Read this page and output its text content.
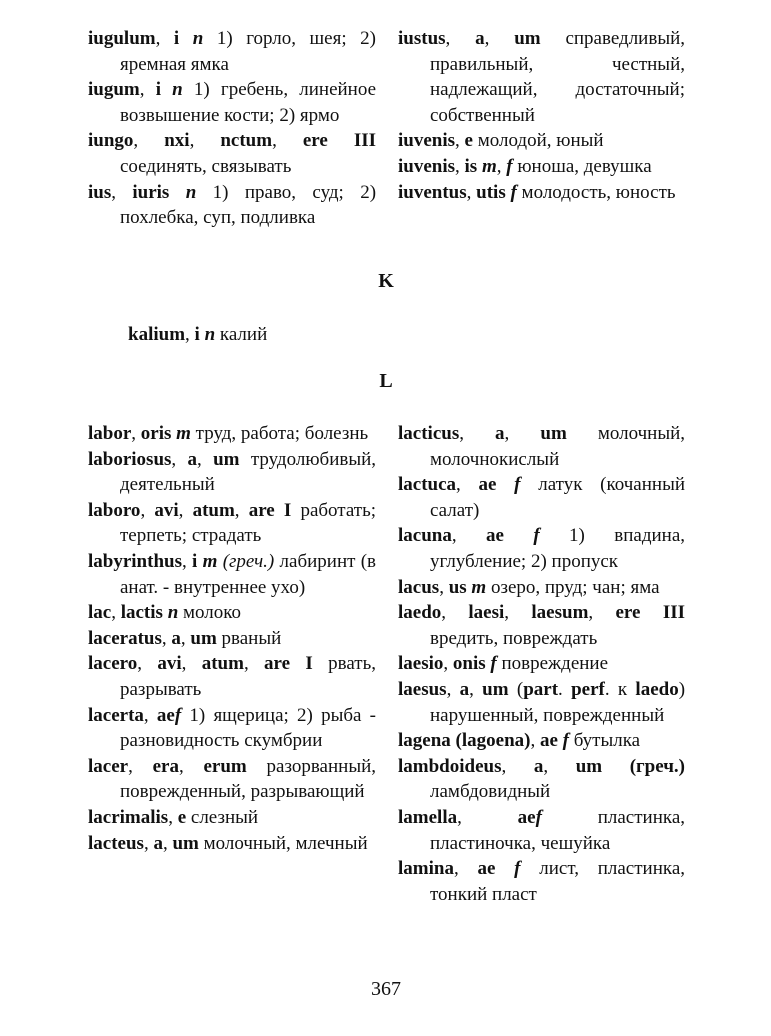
iugulum, i n 1) горло, шея; 2) яремная ямка
iugum, i n 1) гребень, линейное возвышение кости; 2) ярмо
iungo, nxi, nctum, ere III соединять, связывать
ius, iuris n 1) право, суд; 2) похлебка, суп, подливка
iustus, a, um справедливый, правильный, честный, надлежащий, достаточный; собственный
iuvenis, e молодой, юный
iuvenis, is m, f юноша, девушка
iuventus, utis f молодость, юность
K
kalium, i n калий
L
labor, oris m труд, работа; болезнь
laboriosus, a, um трудолюбивый, деятельный
laboro, avi, atum, are I работать; терпеть; страдать
labyrinthus, i m (греч.) лабиринт (в анат. - внутреннее ухо)
lac, lactis n молоко
laceratus, a, um рваный
lacero, avi, atum, are I рвать, разрывать
lacerta, aef 1) ящерица; 2) рыба - разновидность скумбрии
lacer, era, erum разорванный, поврежденный, разрывающий
lacrimalis, e слезный
lacteus, a, um молочный, млечный
lacticus, a, um молочный, молочнокислый
lactuca, ae f латук (кочанный салат)
lacuna, ae f 1) впадина, углубление; 2) пропуск
lacus, us m озеро, пруд; чан; яма
laedo, laesi, laesum, ere III вредить, повреждать
laesio, onis f повреждение
laesus, a, um (part. perf. к laedo) нарушенный, поврежденный
lagena (lagoena), ae f бутылка
lambdoideus, a, um (греч.) ламбдовидный
lamella, aef пластинка, пластиночка, чешуйка
lamina, ae f лист, пластинка, тонкий пласт
367
